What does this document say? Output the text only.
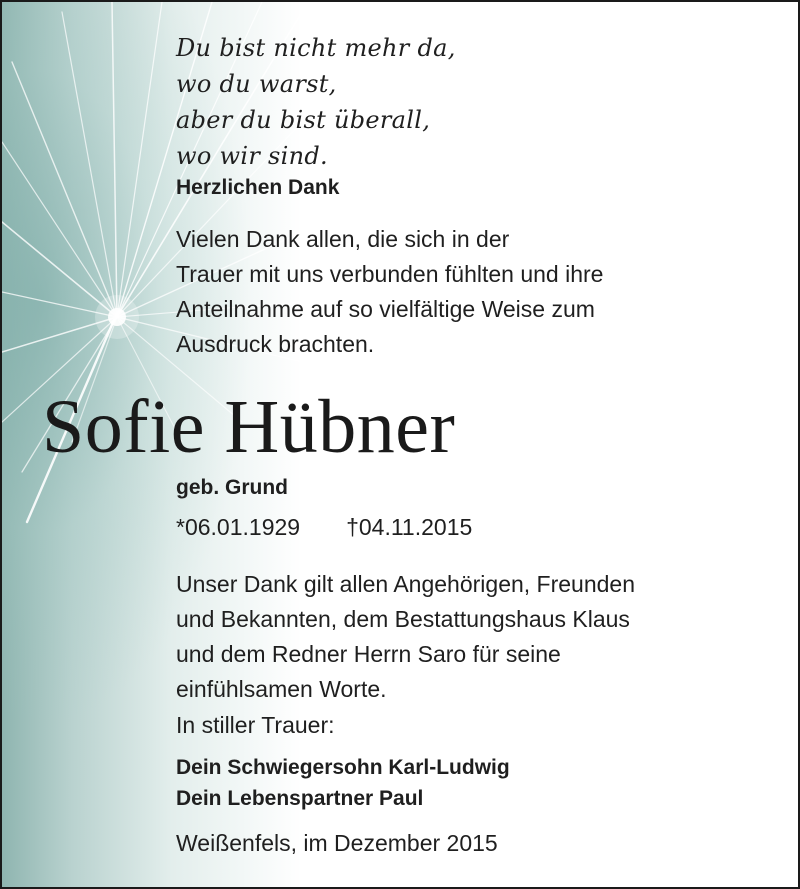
Du bist nicht mehr da,
wo du warst,
aber du bist überall,
wo wir sind.
Herzlichen Dank
Vielen Dank allen, die sich in der
Trauer mit uns verbunden fühlten und ihre
Anteilnahme auf so vielfältige Weise zum
Ausdruck brachten.
Sofie Hübner
geb. Grund
*06.01.1929 †04.11.2015
Unser Dank gilt allen Angehörigen, Freunden
und Bekannten, dem Bestattungshaus Klaus
und dem Redner Herrn Saro für seine
einfühlsamen Worte.
In stiller Trauer:
Dein Schwiegersohn Karl-Ludwig
Dein Lebenspartner Paul
Weißenfels, im Dezember 2015
